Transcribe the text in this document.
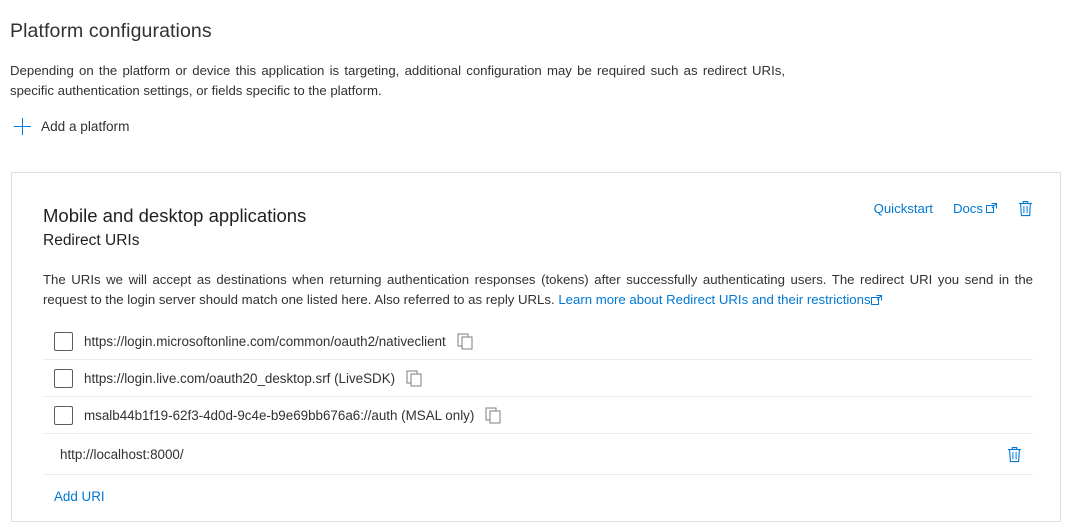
Platform configurations
Depending on the platform or device this application is targeting, additional configuration may be required such as redirect URIs, specific authentication settings, or fields specific to the platform.
Add a platform
Mobile and desktop applications
Redirect URIs
Quickstart Docs
The URIs we will accept as destinations when returning authentication responses (tokens) after successfully authenticating users. The redirect URI you send in the request to the login server should match one listed here. Also referred to as reply URLs. Learn more about Redirect URIs and their restrictions
https://login.microsoftonline.com/common/oauth2/nativeclient
https://login.live.com/oauth20_desktop.srf (LiveSDK)
msalb44b1f19-62f3-4d0d-9c4e-b9e69bb676a6://auth (MSAL only)
http://localhost:8000/
Add URI
